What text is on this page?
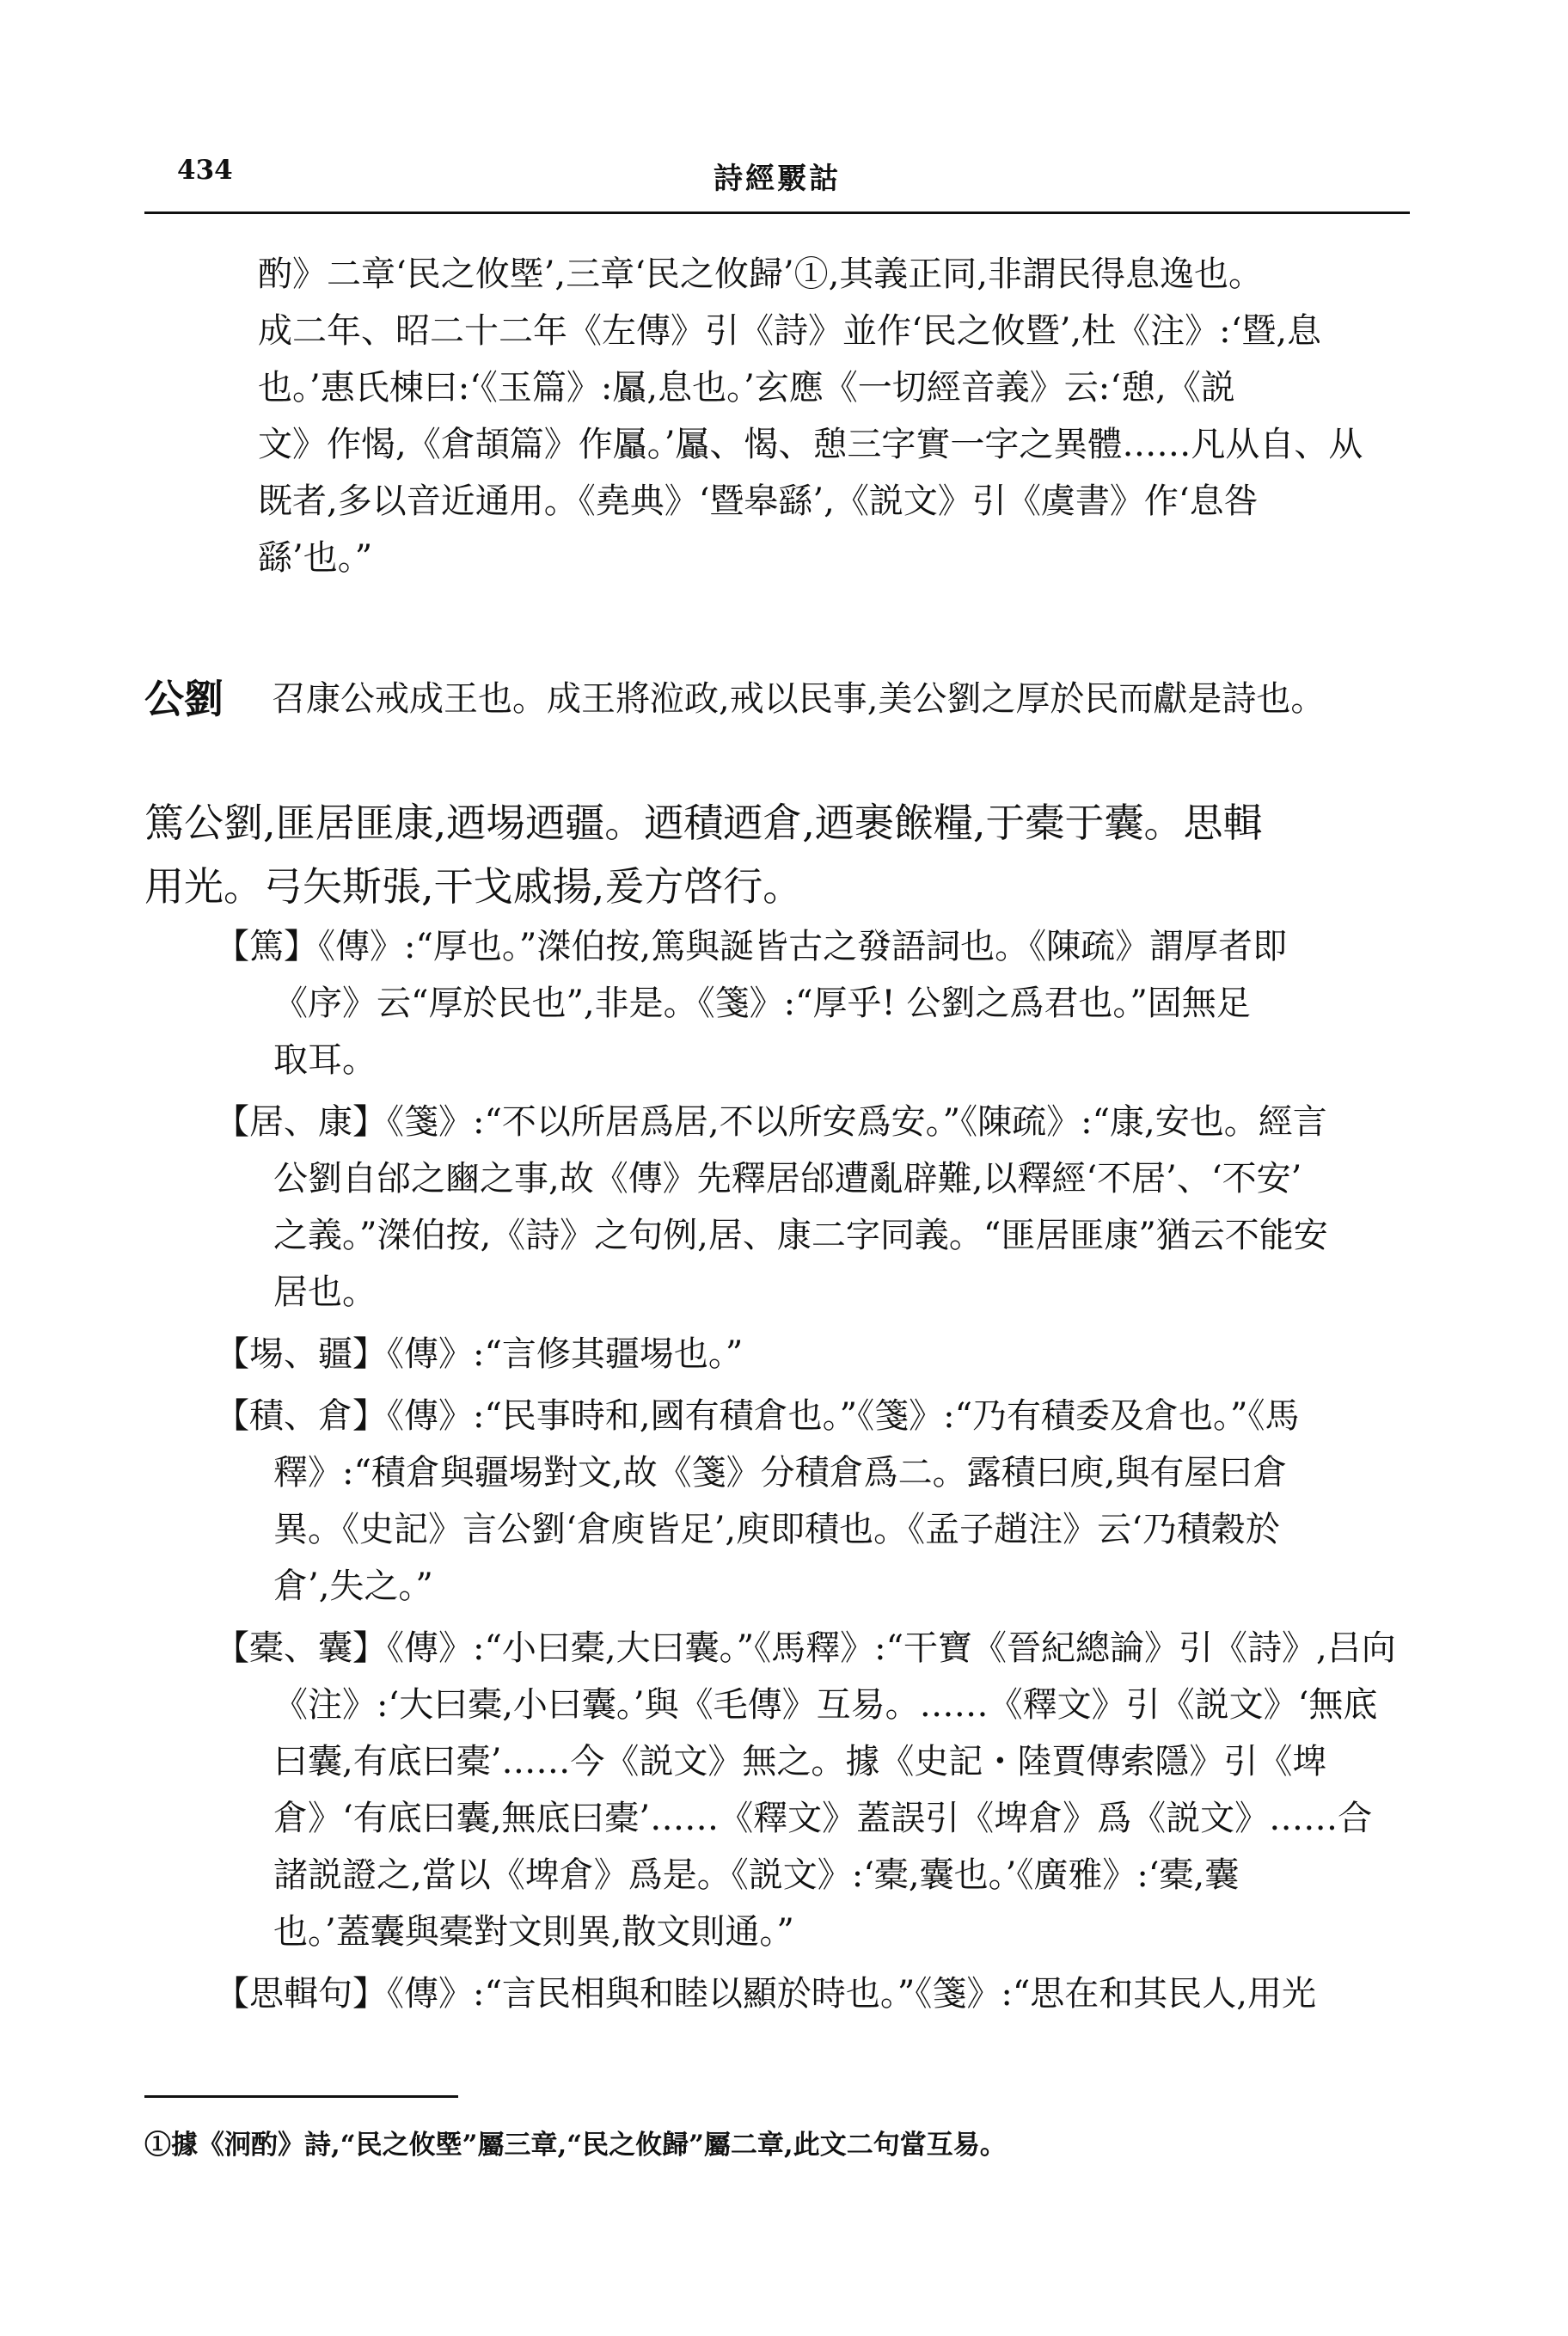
434	詩經覈詁
酌》二章‘民之攸塈’,三章‘民之攸歸’①,其義正同,非謂民得息逸也。
成二年、昭二十二年《左傳》引《詩》並作‘民之攸暨’,杜《注》:‘暨,息
也。’惠氏棟曰:‘《玉篇》:屭,息也。’玄應《一切經音義》云:‘憩,《説
文》作愒,《倉頡篇》作屭。’屭、愒、憩三字實一字之異體……凡从自、从
既者,多以音近通用。《堯典》‘暨皋繇’,《説文》引《虞書》作‘息咎
繇’也。”
公劉 召康公戒成王也。成王將涖政,戒以民事,美公劉之厚於民而獻是詩也。
篤公劉,匪居匪康,迺埸迺疆。迺積迺倉,迺裹餱糧,于橐于囊。思輯
用光。弓矢斯張,干戈戚揚,爰方啓行。
【篤】《傳》:“厚也。”滐伯按,篤與誕皆古之發語詞也。《陳疏》謂厚者即
《序》云“厚於民也”,非是。《箋》:“厚乎! 公劉之爲君也。”固無足
取耳。
【居、康】《箋》:“不以所居爲居,不以所安爲安。”《陳疏》:“康,安也。經言
公劉自邰之豳之事,故《傳》先釋居邰遭亂辟難,以釋經‘不居’、‘不安’
之義。”滐伯按,《詩》之句例,居、康二字同義。“匪居匪康”猶云不能安
居也。
【埸、疆】《傳》:“言修其疆埸也。”
【積、倉】《傳》:“民事時和,國有積倉也。”《箋》:“乃有積委及倉也。”《馬
釋》:“積倉與疆埸對文,故《箋》分積倉爲二。露積曰庾,與有屋曰倉
異。《史記》言公劉‘倉庾皆足’,庾即積也。《孟子趙注》云‘乃積穀於
倉’,失之。”
【橐、囊】《傳》:“小曰橐,大曰囊。”《馬釋》:“干寶《晉紀總論》引《詩》,吕向
《注》:‘大曰橐,小曰囊。’與《毛傳》互易。……《釋文》引《説文》‘無底
曰囊,有底曰橐’……今《説文》無之。據《史記・陸賈傳索隱》引《埤
倉》‘有底曰囊,無底曰橐’……《釋文》蓋誤引《埤倉》爲《説文》……合
諸説證之,當以《埤倉》爲是。《説文》:‘橐,囊也。’《廣雅》:‘橐,囊
也。’蓋囊與橐對文則異,散文則通。”
【思輯句】《傳》:“言民相與和睦以顯於時也。”《箋》:“思在和其民人,用光
①據《泂酌》詩,“民之攸塈”屬三章,“民之攸歸”屬二章,此文二句當互易。
